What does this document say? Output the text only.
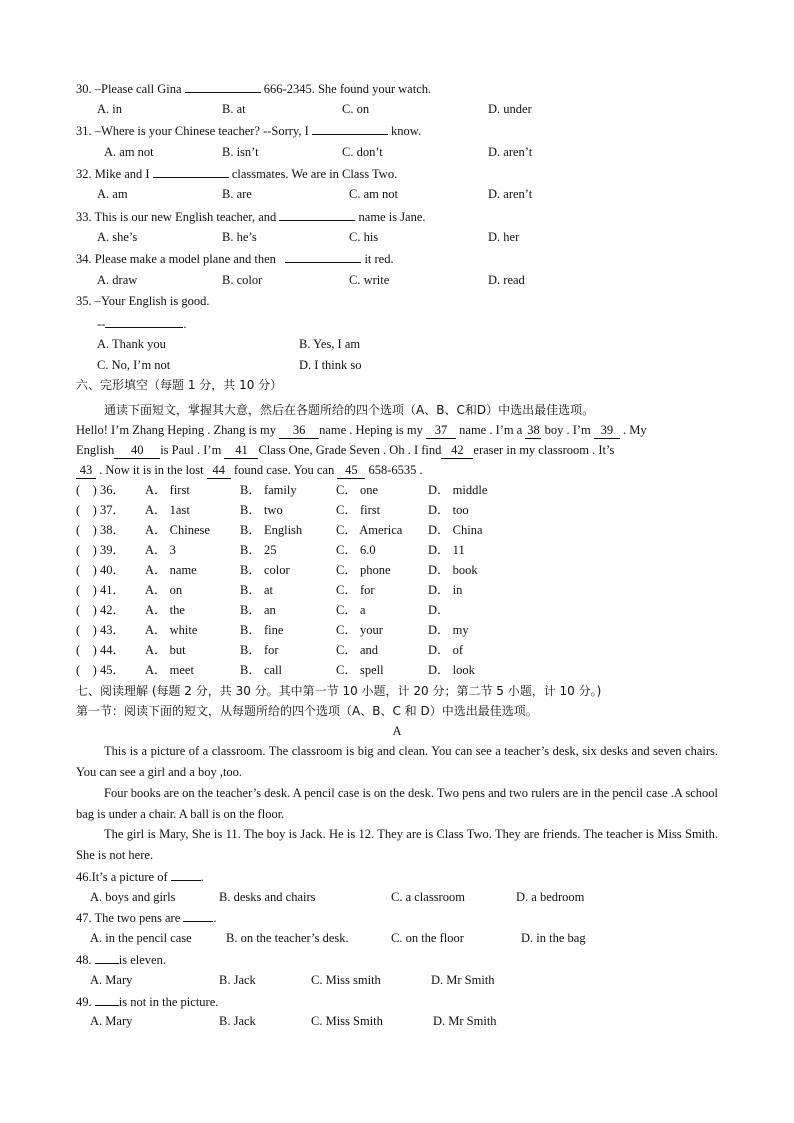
30. –Please call Gina	666-2345. She found your watch.
A. in	B. at	C. on	D. under
31. –Where is your Chinese teacher? --Sorry, I	know.
A. am not	B. isn’t	C. don’t	D. aren’t
32. Mike and I	classmates. We are in Class Two.
A. am	B. are	C. am not	D. aren’t
33. This is our new English teacher, and	name is Jane.
A. she’s	B. he’s	C. his	D. her
34. Please make a model plane and then	it red.
A. draw	B. color	C. write	D. read
35. –Your English is good.
--	.
A. Thank you	B. Yes, I am
C. No, I’m not	D. I think so
六、完形填空（每题 1 分，共 10 分）
通读下面短文，掌握其大意，然后在各题所给的四个选项（A、B、C和D）中选出最佳选项。
Hello! I’m Zhang Heping . Zhang is my 36 name . Heping is my 37 name . I’m a 38 boy . I’m 39 . My
English 40 is Paul . I’m 41 Class One, Grade Seven . Oh . I find 42 eraser in my classroom . It’s
43 . Now it is in the lost 44 found case. You can 45 658-6535 .
(    ) 36． A． first	B． family	C． one	D． middle
(    ) 37． A． 1ast	B． two	C． first	D． too
(    ) 38． A． Chinese B． English	C． America D． China
(    ) 39． A． 3	B． 25	C． 6.0	D． 11
(    ) 40． A． name	B． color	C． phone	D． book
(    ) 41． A． on	B． at	C． for	D． in
(    ) 42． A． the	B． an	C． a	D．
(    ) 43． A． white	B． fine	C． your	D． my
(    ) 44． A． but	B． for	C． and	D． of
(    ) 45． A． meet	B． call	C． spell	D． look
七、阅读理解 (每题 2 分，共 30 分。其中第一节 10 小题，计 20 分；第二节 5 小题，计 10 分。)
第一节：阅读下面的短文，从每题所给的四个选项（A、B、C 和 D）中选出最佳选项。
A
This is a picture of a classroom. The classroom is big and clean. You can see a teacher’s desk, six desks and seven chairs. You can see a girl and a boy ,too.
Four books are on the teacher’s desk. A pencil case is on the desk. Two pens and two rulers are in the pencil case .A school bag is under a chair. A ball is on the floor.
The girl is Mary, She is 11. The boy is Jack. He is 12. They are is Class Two. They are friends. The teacher is Miss Smith. She is not here.
46.It’s a picture of	.
A. boys and girls	B. desks and chairs	C. a classroom	D. a bedroom
47. The two pens are	.
A. in the pencil case	B. on the teacher’s desk.	C. on the floor	D. in the bag
48. is eleven.
A. Mary	B. Jack	C. Miss smith	D. Mr Smith
49. is not in the picture.
A. Mary	B. Jack	C. Miss Smith	D. Mr Smith
